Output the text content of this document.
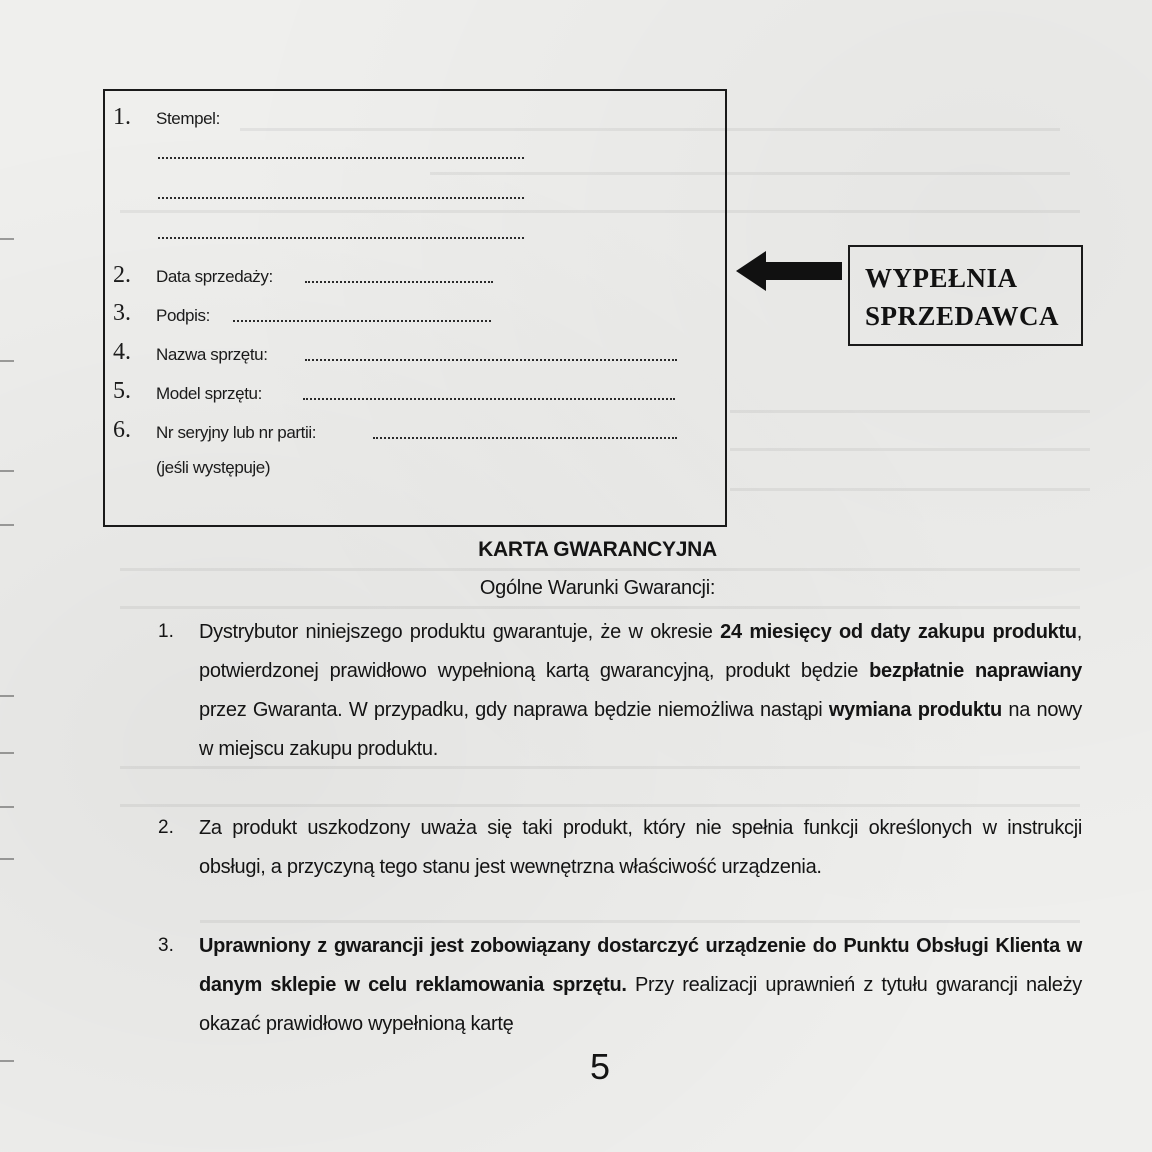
1. Stempel:
2. Data sprzedaży:
3. Podpis:
4. Nazwa sprzętu:
5. Model sprzętu:
6. Nr seryjny lub nr partii:
(jeśli występuje)
WYPEŁNIA
SPRZEDAWCA
KARTA GWARANCYJNA
Ogólne Warunki Gwarancji:
1. Dystrybutor niniejszego produktu gwarantuje, że w okresie 24 miesięcy od daty zakupu produktu, potwierdzonej prawidłowo wypełnioną kartą gwarancyjną, produkt będzie bezpłatnie naprawiany przez Gwaranta. W przypadku, gdy naprawa będzie niemożliwa nastąpi wymiana produktu na nowy w miejscu zakupu produktu.
2. Za produkt uszkodzony uważa się taki produkt, który nie spełnia funkcji określonych w instrukcji obsługi, a przyczyną tego stanu jest wewnętrzna właściwość urządzenia.
3. Uprawniony z gwarancji jest zobowiązany dostarczyć urządzenie do Punktu Obsługi Klienta w danym sklepie w celu reklamowania sprzętu. Przy realizacji uprawnień z tytułu gwarancji należy okazać prawidłowo wypełnioną kartę
5
